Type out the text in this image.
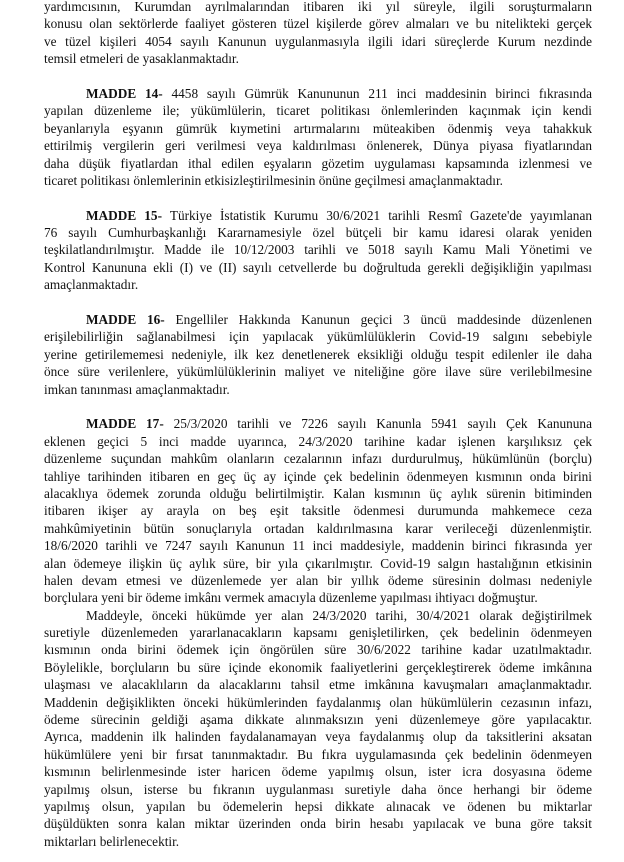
yardımcısının, Kurumdan ayrılmalarından itibaren iki yıl süreyle, ilgili soruşturmaların
konusu olan sektörlerde faaliyet gösteren tüzel kişilerde görev almaları ve bu nitelikteki gerçek
ve tüzel kişileri 4054 sayılı Kanunun uygulanmasıyla ilgili idari süreçlerde Kurum nezdinde
temsil etmeleri de yasaklanmaktadır.
MADDE 14- 4458 sayılı Gümrük Kanununun 211 inci maddesinin birinci fıkrasında
yapılan düzenleme ile; yükümlülerin, ticaret politikası önlemlerinden kaçınmak için kendi
beyanlarıyla eşyanın gümrük kıymetini artırmalarını müteakiben ödenmiş veya tahakkuk
ettirilmiş vergilerin geri verilmesi veya kaldırılması önlenerek, Dünya piyasa fiyatlarından
daha düşük fiyatlardan ithal edilen eşyaların gözetim uygulaması kapsamında izlenmesi ve
ticaret politikası önlemlerinin etkisizleştirilmesinin önüne geçilmesi amaçlanmaktadır.
MADDE 15- Türkiye İstatistik Kurumu 30/6/2021 tarihli Resmî Gazete'de yayımlanan
76 sayılı Cumhurbaşkanlığı Kararnamesiyle özel bütçeli bir kamu idaresi olarak yeniden
teşkilatlandırılmıştır. Madde ile 10/12/2003 tarihli ve 5018 sayılı Kamu Mali Yönetimi ve
Kontrol Kanununa ekli (I) ve (II) sayılı cetvellerde bu doğrultuda gerekli değişikliğin yapılması
amaçlanmaktadır.
MADDE 16- Engelliler Hakkında Kanunun geçici 3 üncü maddesinde düzenlenen
erişilebilirliğin sağlanabilmesi için yapılacak yükümlülüklerin Covid-19 salgını sebebiyle
yerine getirilememesi nedeniyle, ilk kez denetlenerek eksikliği olduğu tespit edilenler ile daha
önce süre verilenlere, yükümlülüklerinin maliyet ve niteliğine göre ilave süre verilebilmesine
imkan tanınması amaçlanmaktadır.
MADDE 17- 25/3/2020 tarihli ve 7226 sayılı Kanunla 5941 sayılı Çek Kanununa
eklenen geçici 5 inci madde uyarınca, 24/3/2020 tarihine kadar işlenen karşılıksız çek
düzenleme suçundan mahkûm olanların cezalarının infazı durdurulmuş, hükümlünün (borçlu)
tahliye tarihinden itibaren en geç üç ay içinde çek bedelinin ödenmeyen kısmının onda birini
alacaklıya ödemek zorunda olduğu belirtilmiştir. Kalan kısmının üç aylık sürenin bitiminden
itibaren ikişer ay arayla on beş eşit taksitle ödenmesi durumunda mahkemece ceza
mahkûmiyetinin bütün sonuçlarıyla ortadan kaldırılmasına karar verileceği düzenlenmiştir.
18/6/2020 tarihli ve 7247 sayılı Kanunun 11 inci maddesiyle, maddenin birinci fıkrasında yer
alan ödemeye ilişkin üç aylık süre, bir yıla çıkarılmıştır. Covid-19 salgın hastalığının etkisinin
halen devam etmesi ve düzenlemede yer alan bir yıllık ödeme süresinin dolması nedeniyle
borçlulara yeni bir ödeme imkânı vermek amacıyla düzenleme yapılması ihtiyacı doğmuştur.
Maddeyle, önceki hükümde yer alan 24/3/2020 tarihi, 30/4/2021 olarak değiştirilmek
suretiyle düzenlemeden yararlanacakların kapsamı genişletilirken, çek bedelinin ödenmeyen
kısmının onda birini ödemek için öngörülen süre 30/6/2022 tarihine kadar uzatılmaktadır.
Böylelikle, borçluların bu süre içinde ekonomik faaliyetlerini gerçekleştirerek ödeme imkânına
ulaşması ve alacaklıların da alacaklarını tahsil etme imkânına kavuşmaları amaçlanmaktadır.
Maddenin değişiklikten önceki hükümlerinden faydalanmış olan hükümlülerin cezasının infazı,
ödeme sürecinin geldiği aşama dikkate alınmaksızın yeni düzenlemeye göre yapılacaktır.
Ayrıca, maddenin ilk halinden faydalanamayan veya faydalanmış olup da taksitlerini aksatan
hükümlülere yeni bir fırsat tanınmaktadır. Bu fıkra uygulamasında çek bedelinin ödenmeyen
kısmının belirlenmesinde ister haricen ödeme yapılmış olsun, ister icra dosyasına ödeme
yapılmış olsun, isterse bu fıkranın uygulanması suretiyle daha önce herhangi bir ödeme
yapılmış olsun, yapılan bu ödemelerin hepsi dikkate alınacak ve ödenen bu miktarlar
düşüldükten sonra kalan miktar üzerinden onda birin hesabı yapılacak ve buna göre taksit
miktarları belirlenecektir.
